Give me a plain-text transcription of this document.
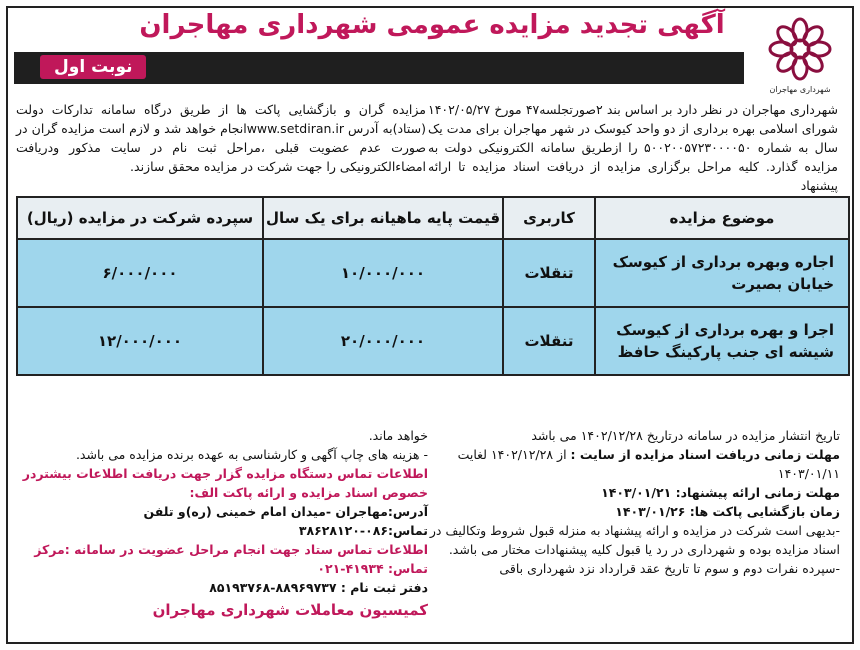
شهرداری مهاجران
آگهی تجدید مزایده عمومی شهرداری مهاجران
نوبت اول
شهرداری مهاجران در نظر دارد بر اساس بند ۲صورتجلسه۴۷ مورخ ۱۴۰۲/۰۵/۲۷ شورای اسلامی بهره برداری از دو واحد کیوسک در شهر مهاجران برای مدت یک سال به شماره ۵۰۰۲۰۰۵۷۲۳۰۰۰۰۵۰ را ازطریق سامانه الکترونیکی دولت به مزایده گذارد. کلیه مراحل برگزاری مزایده از دریافت اسناد مزایده تا ارائه پیشنهاد
مزایده گران و بازگشایی پاکت ها از طریق درگاه سامانه تدارکات دولت (ستاد)به آدرس www.setdiran.irانجام خواهد شد و لازم است مزایده گران در صورت عدم عضویت قبلی ،مراحل ثبت نام در سایت مذکور ودریافت امضاءالکترونیکی را جهت شرکت در مزایده محقق سازند.
موضوع مزایده	کاربری	قیمت پایه ماهیانه برای یک سال	سپرده شرکت در مزایده (ریال)
اجاره وبهره برداری از کیوسک خیابان بصیرت	تنقلات	۱۰/۰۰۰/۰۰۰	۶/۰۰۰/۰۰۰
اجرا و بهره برداری از کیوسک شیشه ای جنب پارکینگ حافظ	تنقلات	۲۰/۰۰۰/۰۰۰	۱۲/۰۰۰/۰۰۰
تاریخ انتشار مزایده در سامانه درتاریخ ۱۴۰۲/۱۲/۲۸ می باشد
مهلت زمانی دریافت اسناد مزایده از سایت : از ۱۴۰۲/۱۲/۲۸ لغایت ۱۴۰۳/۰۱/۱۱
مهلت زمانی ارائه پیشنهاد: ۱۴۰۳/۰۱/۲۱
زمان بازگشایی پاکت ها: ۱۴۰۳/۰۱/۲۶
-بدیهی است شرکت در مزایده و ارائه پیشنهاد به منزله قبول شروط وتکالیف در اسناد مزایده بوده و شهرداری در رد یا قبول کلیه پیشنهادات مختار می باشد.
-سپرده نفرات دوم و سوم تا تاریخ عقد قرارداد نزد شهرداری باقی
خواهد ماند.
- هزینه های چاپ آگهی و کارشناسی به عهده برنده مزایده می باشد.
اطلاعات تماس دستگاه مزایده گزار جهت دریافت اطلاعات بیشتردر خصوص اسناد مزایده و ارائه پاکت الف:
آدرس:مهاجران -میدان امام خمینی (ره)و تلفن تماس:۰۸۶-۳۸۶۲۸۱۲۰
اطلاعات تماس ستاد جهت انجام مراحل عضویت در سامانه :مرکز تماس: ۴۱۹۳۴-۰۲۱
دفتر ثبت نام : ۸۸۹۶۹۷۳۷-۸۵۱۹۳۷۶۸
کمیسیون معاملات شهرداری مهاجران
